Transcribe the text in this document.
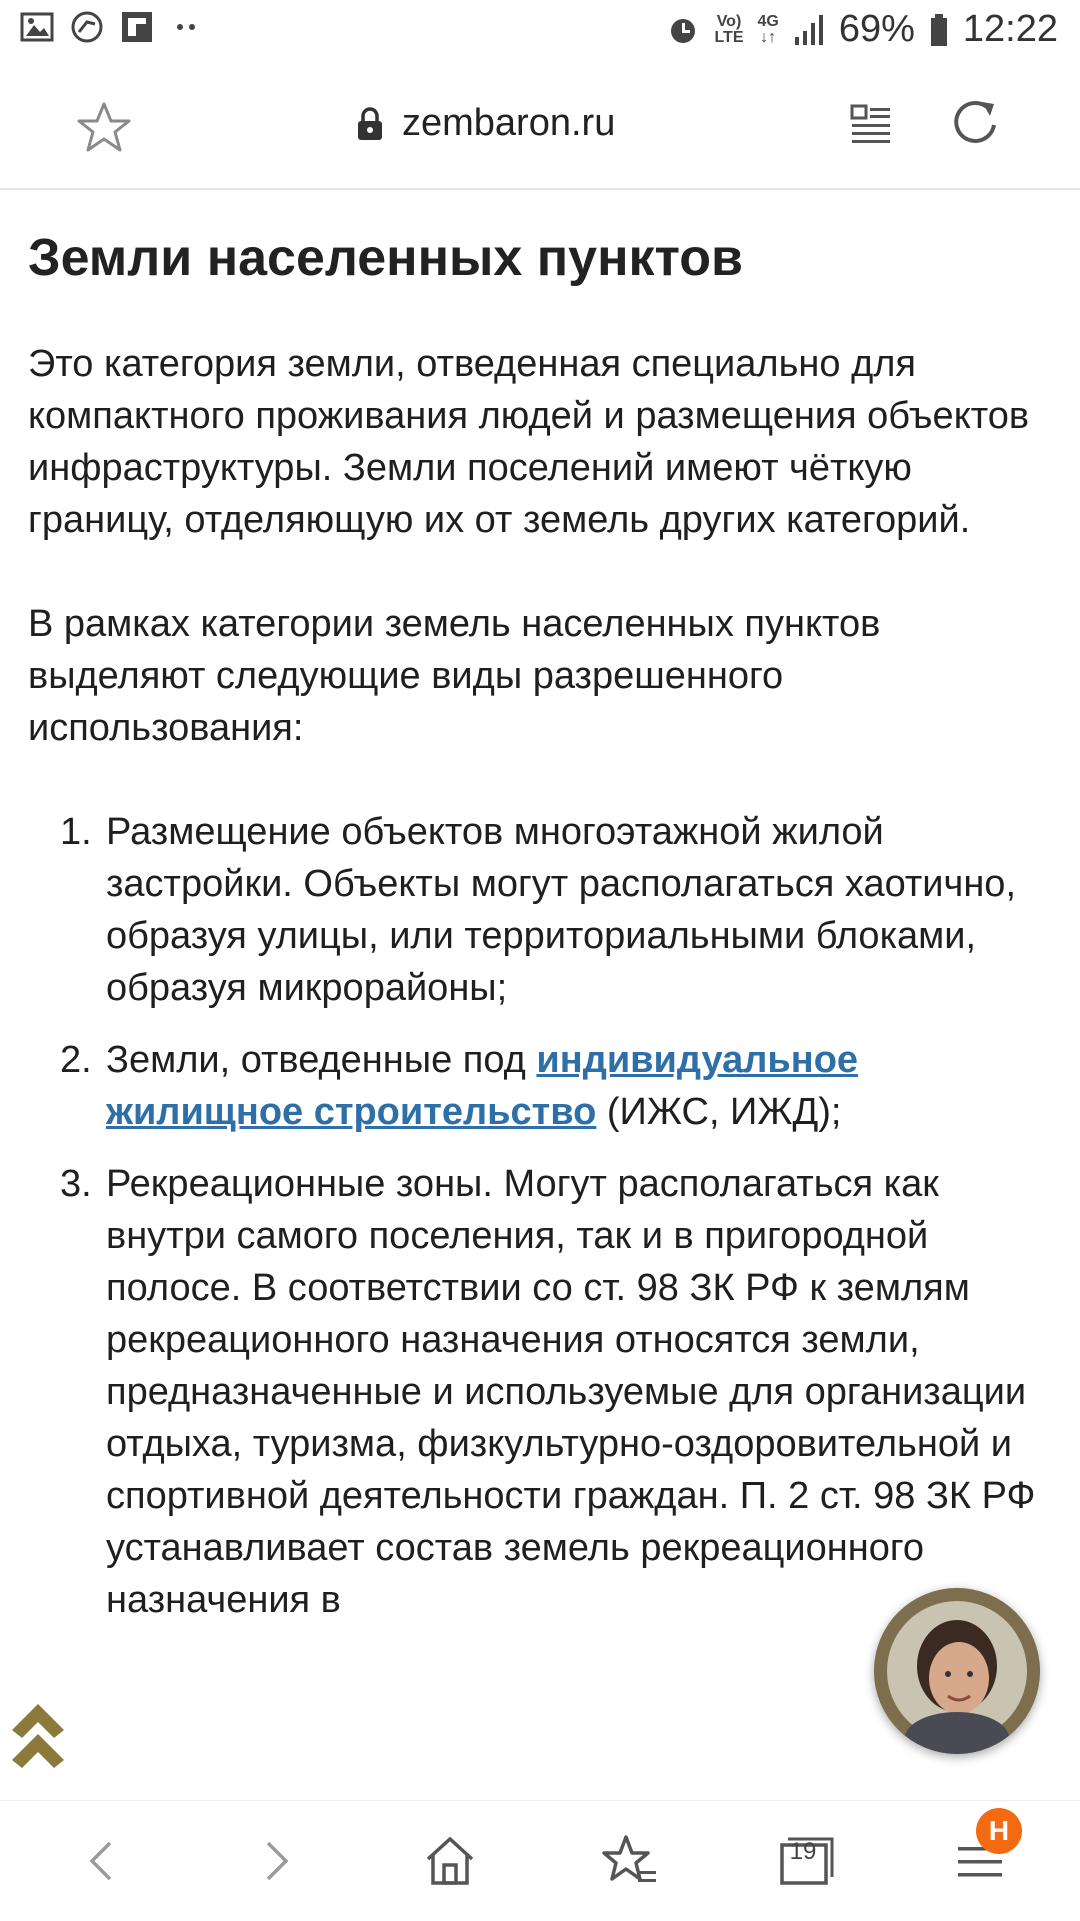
Vo)
LTE
4G
↓↑ 69% 12:22
zembaron.ru
Земли населенных пунктов

Это категория земли, отведенная специально для компактного проживания людей и размещения объектов инфраструктуры. Земли поселений имеют чёткую границу, отделяющую их от земель других категорий.

В рамках категории земель населенных пунктов выделяют следующие виды разрешенного использования:

1. Размещение объектов многоэтажной жилой застройки. Объекты могут располагаться хаотично, образуя улицы, или территориальными блоками, образуя микрорайоны;
2. Земли, отведенные под индивидуальное жилищное строительство (ИЖС, ИЖД);
3. Рекреационные зоны. Могут располагаться как внутри самого поселения, так и в пригородной полосе. В соответствии со ст. 98 ЗК РФ к землям рекреационного назначения относятся земли, предназначенные и используемые для организации отдыха, туризма, физкультурно-оздоровительной и спортивной деятельности граждан. П. 2 ст. 98 ЗК РФ устанавливает состав земель рекреационного назначения в
19
H
